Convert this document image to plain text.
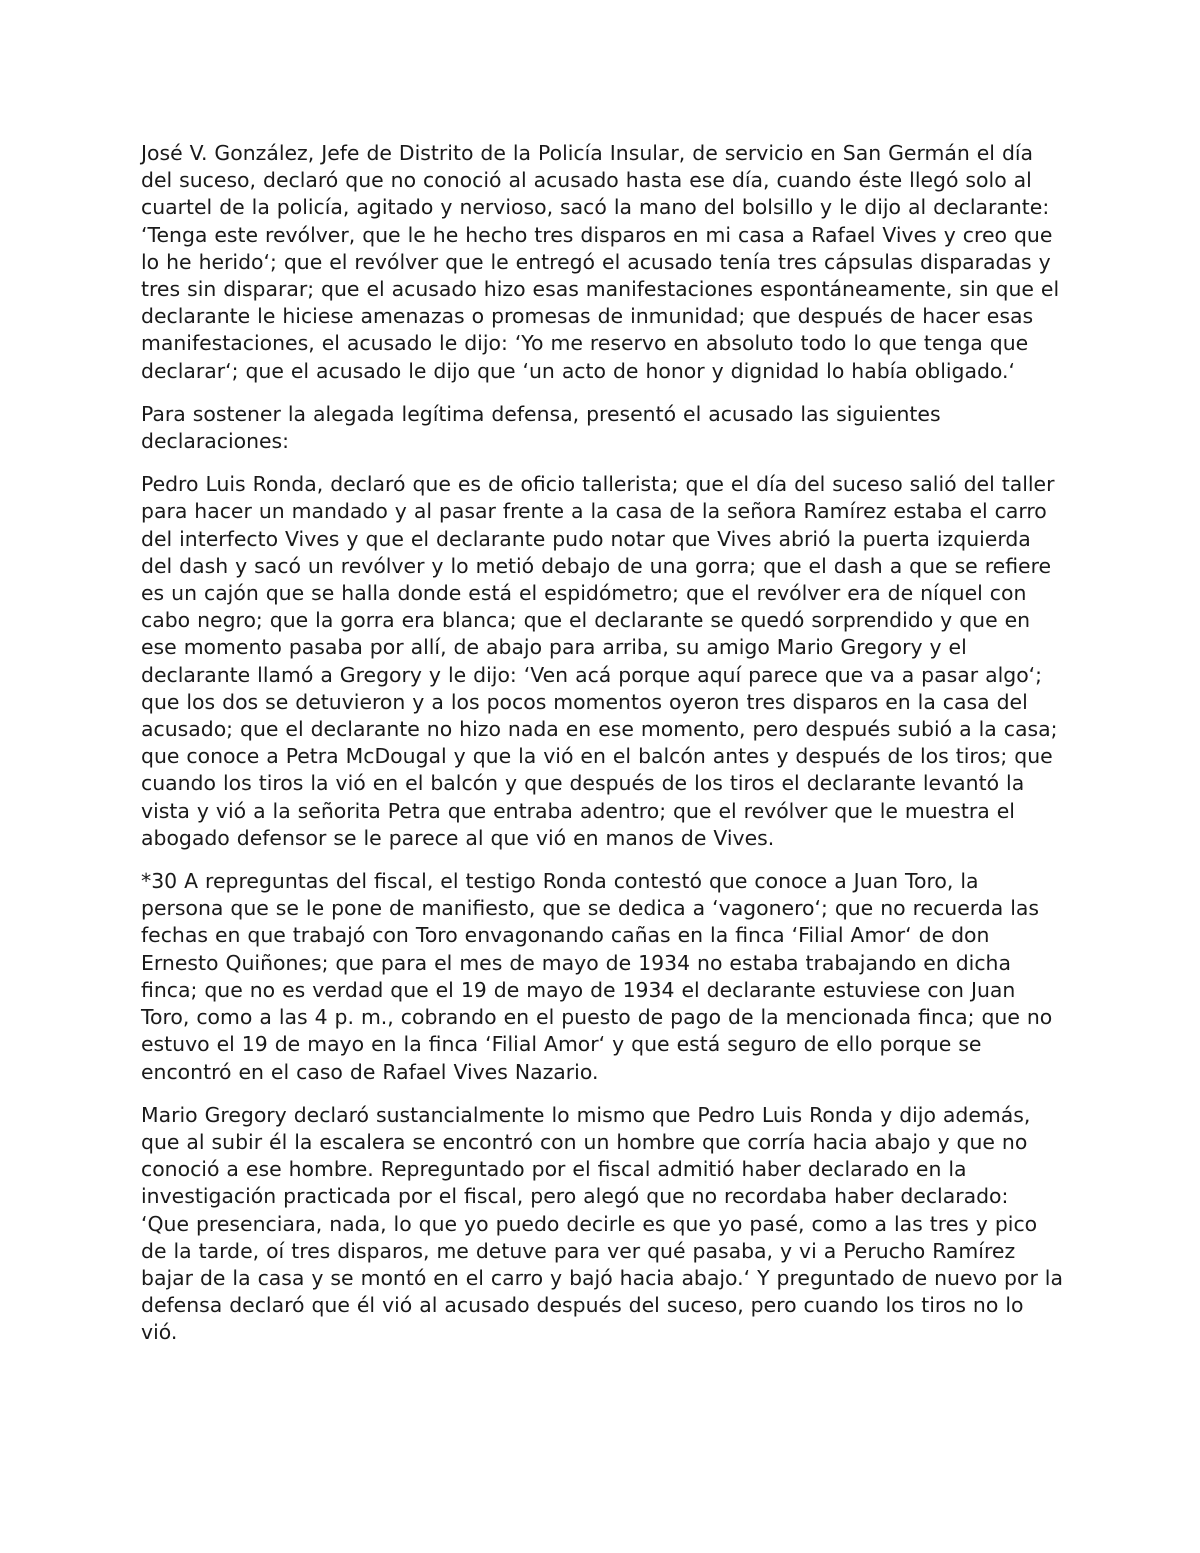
José V. González, Jefe de Distrito de la Policía Insular, de servicio en San Germán el día del suceso, declaró que no conoció al acusado hasta ese día, cuando éste llegó solo al cuartel de la policía, agitado y nervioso, sacó la mano del bolsillo y le dijo al declarante: ‘Tenga este revólver, que le he hecho tres disparos en mi casa a Rafael Vives y creo que lo he herido‘; que el revólver que le entregó el acusado tenía tres cápsulas disparadas y tres sin disparar; que el acusado hizo esas manifestaciones espontáneamente, sin que el declarante le hiciese amenazas o promesas de inmunidad; que después de hacer esas manifestaciones, el acusado le dijo: ‘Yo me reservo en absoluto todo lo que tenga que declarar‘; que el acusado le dijo que ‘un acto de honor y dignidad lo había obligado.‘

Para sostener la alegada legítima defensa, presentó el acusado las siguientes declaraciones:

Pedro Luis Ronda, declaró que es de oficio tallerista; que el día del suceso salió del taller para hacer un mandado y al pasar frente a la casa de la señora Ramírez estaba el carro del interfecto Vives y que el declarante pudo notar que Vives abrió la puerta izquierda del dash y sacó un revólver y lo metió debajo de una gorra; que el dash a que se refiere es un cajón que se halla donde está el espidómetro; que el revólver era de níquel con cabo negro; que la gorra era blanca; que el declarante se quedó sorprendido y que en ese momento pasaba por allí, de abajo para arriba, su amigo Mario Gregory y el declarante llamó a Gregory y le dijo: ‘Ven acá porque aquí parece que va a pasar algo‘; que los dos se detuvieron y a los pocos momentos oyeron tres disparos en la casa del acusado; que el declarante no hizo nada en ese momento, pero después subió a la casa; que conoce a Petra McDougal y que la vió en el balcón antes y después de los tiros; que cuando los tiros la vió en el balcón y que después de los tiros el declarante levantó la vista y vió a la señorita Petra que entraba adentro; que el revólver que le muestra el abogado defensor se le parece al que vió en manos de Vives.

*30 A repreguntas del fiscal, el testigo Ronda contestó que conoce a Juan Toro, la persona que se le pone de manifiesto, que se dedica a ‘vagonero‘; que no recuerda las fechas en que trabajó con Toro envagonando cañas en la finca ‘Filial Amor‘ de don Ernesto Quiñones; que para el mes de mayo de 1934 no estaba trabajando en dicha finca; que no es verdad que el 19 de mayo de 1934 el declarante estuviese con Juan Toro, como a las 4 p. m., cobrando en el puesto de pago de la mencionada finca; que no estuvo el 19 de mayo en la finca ‘Filial Amor‘ y que está seguro de ello porque se encontró en el caso de Rafael Vives Nazario.

Mario Gregory declaró sustancialmente lo mismo que Pedro Luis Ronda y dijo además, que al subir él la escalera se encontró con un hombre que corría hacia abajo y que no conoció a ese hombre. Repreguntado por el fiscal admitió haber declarado en la investigación practicada por el fiscal, pero alegó que no recordaba haber declarado: ‘Que presenciara, nada, lo que yo puedo decirle es que yo pasé, como a las tres y pico de la tarde, oí tres disparos, me detuve para ver qué pasaba, y vi a Perucho Ramírez bajar de la casa y se montó en el carro y bajó hacia abajo.‘ Y preguntado de nuevo por la defensa declaró que él vió al acusado después del suceso, pero cuando los tiros no lo vió.
